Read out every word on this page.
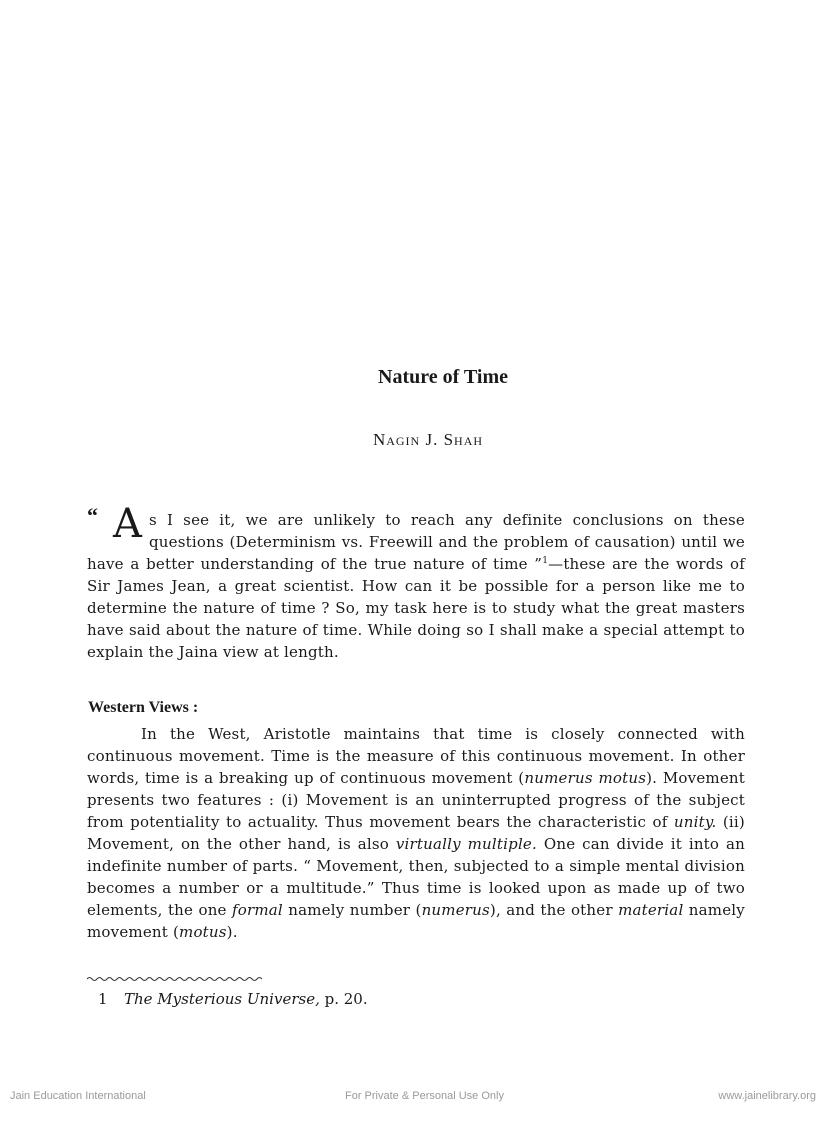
Nature of Time

Nagin J. Shah

“ A s I see it, we are unlikely to reach any definite conclusions on these questions (Determinism vs. Freewill and the problem of causation) until we have a better understanding of the true nature of time ”$^1$—these are the words of Sir James Jean, a great scientist. How can it be possible for a person like me to determine the nature of time ? So, my task here is to study what the great masters have said about the nature of time. While doing so I shall make a special attempt to explain the Jaina view at length.

Western Views :

In the West, Aristotle maintains that time is closely connected with continuous movement. Time is the measure of this continuous movement. In other words, time is a breaking up of continuous movement (numerus motus). Movement presents two features : (i) Movement is an uninterrupted progress of the subject from potentiality to actuality. Thus movement bears the characteristic of unity. (ii) Movement, on the other hand, is also virtually multiple. One can divide it into an indefinite number of parts. “ Movement, then, subjected to a simple mental division becomes a number or a multitude.” Thus time is looked upon as made up of two elements, the one formal namely number (numerus), and the other material namely movement (motus).

1 The Mysterious Universe, p. 20.

Jain Education International	For Private & Personal Use Only	www.jainelibrary.org
